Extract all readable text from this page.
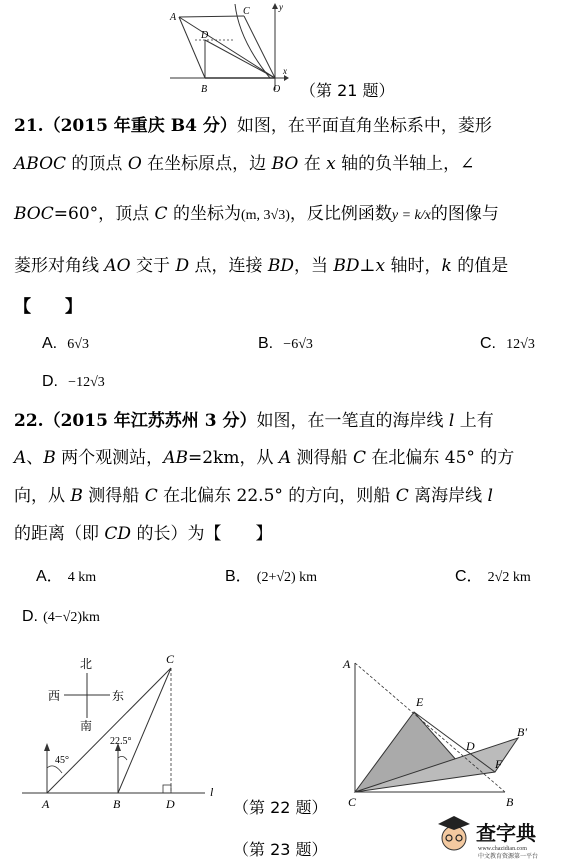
A
C
D
B	O
x
y
（第 21 题）
21.（2015 年重庆 B4 分）如图，在平面直角坐标系中，菱形
ABOC 的顶点 O 在坐标原点，边 BO 在 x 轴的负半轴上，∠
BOC=60°，顶点 C 的坐标为(m, 3√3)，反比例函数y = k/x的图像与
菱形对角线 AO 交于 D 点，连接 BD，当 BD⊥x 轴时，k 的值是
【　　】
A. 6√3	B. −6√3	C. 12√3
D. −12√3
22.（2015 年江苏苏州 3 分）如图，在一笔直的海岸线 l 上有
A、B 两个观测站，AB=2km，从 A 测得船 C 在北偏东 45° 的方
向，从 B 测得船 C 在北偏东 22.5° 的方向，则船 C 离海岸线 l
的距离（即 CD 的长）为【　　】
A． 4 km	B． (2+√2) km	C． 2√2 km
D. (4−√2)km
北
南
西	东
45°
22.5°
C
A	B	D
l
（第 22 题）
A
E
D
B'
F
C	B
（第 23 题）
查字典
www.chazidian.com
中文教育资源第一平台
